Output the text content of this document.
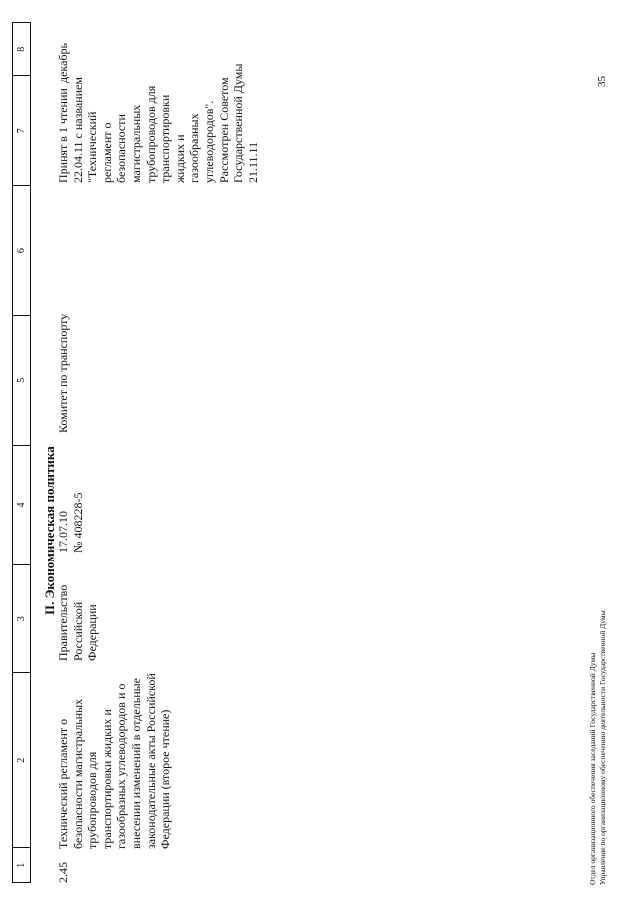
1
2
3
4
5
6
7
8
II. Экономическая политика
2.45
Технический регламент о безопасности магистральных трубопроводов для транспортировки жидких и газообразных углеводородов и о внесении изменений в отдельные законодательные акты Российской Федерации (второе чтение)
Правительство Российской Федерации
17.07.10 № 408228-5
Комитет по транспорту
Принят в 1 чтении 22.04.11 с названием "Технический регламент о безопасности магистральных трубопроводов для транспортировки жидких и газообразных углеводородов". Рассмотрен Советом Государственной Думы 21.11.11
декабрь
Отдел организационного обеспечения заседаний Государственной Думы Управление по организационному обеспечению деятельности Государственной Думы
35
